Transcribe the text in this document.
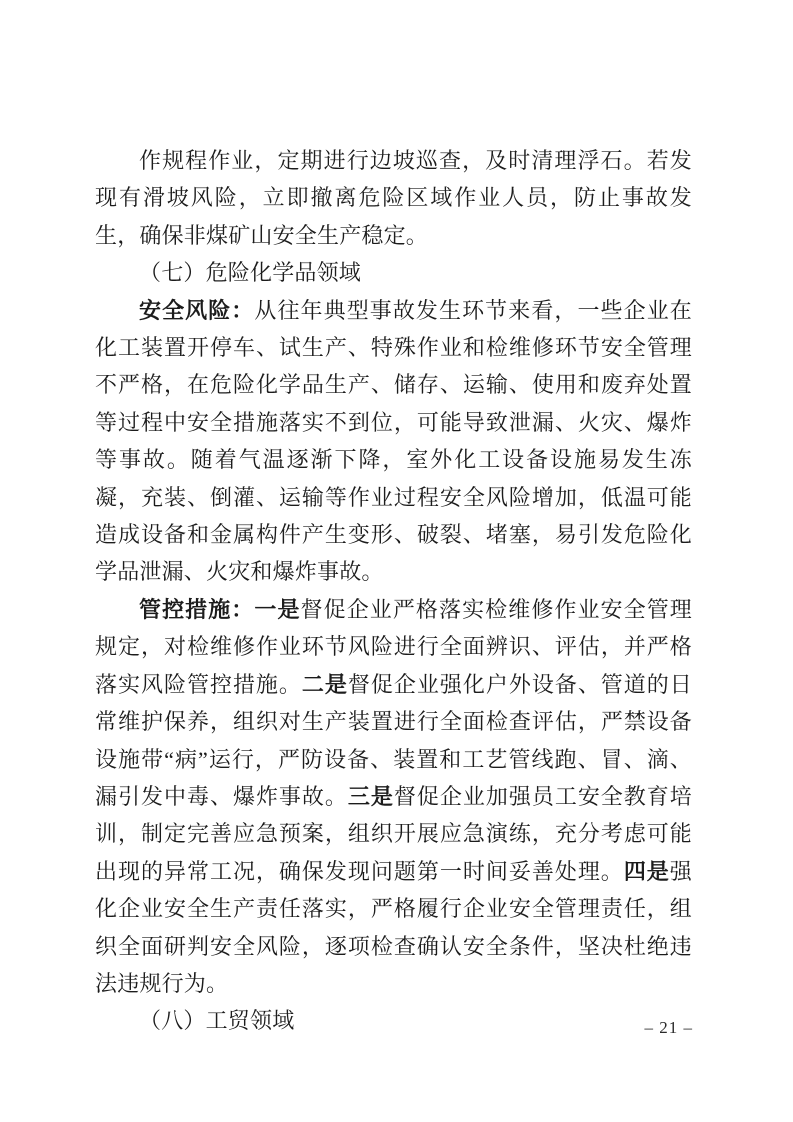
作规程作业，定期进行边坡巡查，及时清理浮石。若发现有滑坡风险，立即撤离危险区域作业人员，防止事故发生，确保非煤矿山安全生产稳定。

（七）危险化学品领域

安全风险：从往年典型事故发生环节来看，一些企业在化工装置开停车、试生产、特殊作业和检维修环节安全管理不严格，在危险化学品生产、储存、运输、使用和废弃处置等过程中安全措施落实不到位，可能导致泄漏、火灾、爆炸等事故。随着气温逐渐下降，室外化工设备设施易发生冻凝，充装、倒灌、运输等作业过程安全风险增加，低温可能造成设备和金属构件产生变形、破裂、堵塞，易引发危险化学品泄漏、火灾和爆炸事故。

管控措施：一是督促企业严格落实检维修作业安全管理规定，对检维修作业环节风险进行全面辨识、评估，并严格落实风险管控措施。二是督促企业强化户外设备、管道的日常维护保养，组织对生产装置进行全面检查评估，严禁设备设施带“病”运行，严防设备、装置和工艺管线跑、冒、滴、漏引发中毒、爆炸事故。三是督促企业加强员工安全教育培训，制定完善应急预案，组织开展应急演练，充分考虑可能出现的异常工况，确保发现问题第一时间妥善处理。四是强化企业安全生产责任落实，严格履行企业安全管理责任，组织全面研判安全风险，逐项检查确认安全条件，坚决杜绝违法违规行为。

（八）工贸领域	– 21 –
